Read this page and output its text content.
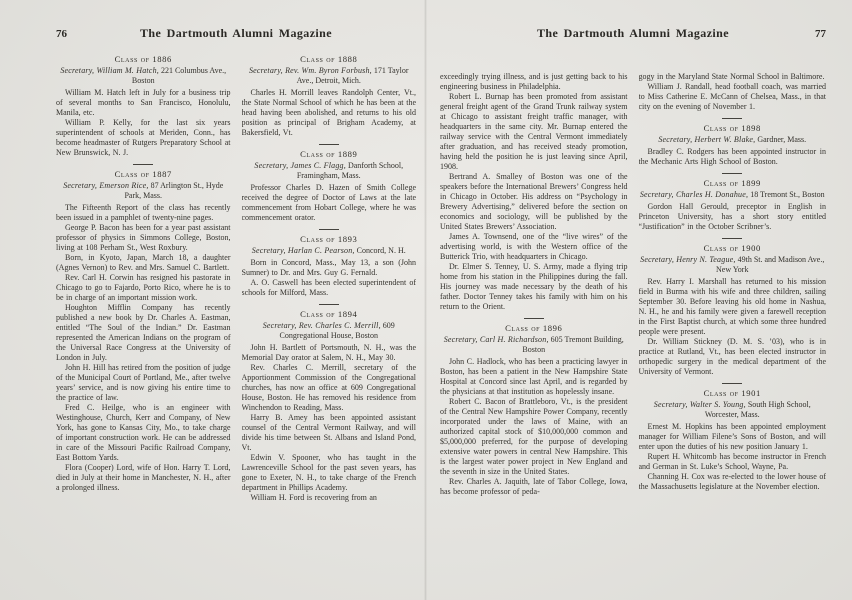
76	The Dartmouth Alumni Magazine
Class of 1886

Secretary, William M. Hatch, 221 Columbus Ave., Boston

William M. Hatch left in July for a business trip of several months to San Francisco, Honolulu, Manila, etc.

William P. Kelly, for the last six years superintendent of schools at Meriden, Conn., has become headmaster of Rutgers Preparatory School at New Brunswick, N. J.

Class of 1887

Secretary, Emerson Rice, 87 Arlington St., Hyde Park, Mass.

The Fifteenth Report of the class has recently been issued in a pamphlet of twenty-nine pages.

George P. Bacon has been for a year past assistant professor of physics in Simmons College, Boston, living at 108 Perham St., West Roxbury.

Born, in Kyoto, Japan, March 18, a daughter (Agnes Vernon) to Rev. and Mrs. Samuel C. Bartlett.

Rev. Carl H. Corwin has resigned his pastorate in Chicago to go to Fajardo, Porto Rico, where he is to be in charge of an important mission work.

Houghton Mifflin Company has recently published a new book by Dr. Charles A. Eastman, entitled “The Soul of the Indian.” Dr. Eastman represented the American Indians on the program of the Universal Race Congress at the University of London in July.

John H. Hill has retired from the position of judge of the Municipal Court of Portland, Me., after twelve years’ service, and is now giving his entire time to the practice of law.

Fred C. Heilge, who is an engineer with Westinghouse, Church, Kerr and Company, of New York, has gone to Kansas City, Mo., to take charge of important construction work. He can be addressed in care of the Missouri Pacific Railroad Company, East Bottom Yards.

Flora (Cooper) Lord, wife of Hon. Harry T. Lord, died in July at their home in Manchester, N. H., after a prolonged illness.

Class of 1888

Secretary, Rev. Wm. Byron Forbush, 171 Taylor Ave., Detroit, Mich.

Charles H. Morrill leaves Randolph Center, Vt., the State Normal School of which he has been at the head having been abolished, and returns to his old position as principal of Brigham Academy, at Bakersfield, Vt.

Class of 1889

Secretary, James C. Flagg, Danforth School, Framingham, Mass.

Professor Charles D. Hazen of Smith College received the degree of Doctor of Laws at the late commencement from Hobart College, where he was commencement orator.

Class of 1893

Secretary, Harlan C. Pearson, Concord, N. H.

Born in Concord, Mass., May 13, a son (John Sumner) to Dr. and Mrs. Guy G. Fernald.

A. O. Caswell has been elected superintendent of schools for Milford, Mass.

Class of 1894

Secretary, Rev. Charles C. Merrill, 609 Congregational House, Boston

John H. Bartlett of Portsmouth, N. H., was the Memorial Day orator at Salem, N. H., May 30.

Rev. Charles C. Merrill, secretary of the Apportionment Commission of the Congregational churches, has now an office at 609 Congregational House, Boston. He has removed his residence from Winchendon to Reading, Mass.

Harry B. Amey has been appointed assistant counsel of the Central Vermont Railway, and will divide his time between St. Albans and Island Pond, Vt.

Edwin V. Spooner, who has taught in the Lawrenceville School for the past seven years, has gone to Exeter, N. H., to take charge of the French department in Phillips Academy.

William H. Ford is recovering from an

The Dartmouth Alumni Magazine	77

exceedingly trying illness, and is just getting back to his engineering business in Philadelphia.

Robert L. Burnap has been promoted from assistant general freight agent of the Grand Trunk railway system at Chicago to assistant freight traffic manager, with headquarters in the same city. Mr. Burnap entered the railway service with the Central Vermont immediately after graduation, and has received steady promotion, having held the position he is just leaving since April, 1908.

Bertrand A. Smalley of Boston was one of the speakers before the International Brewers’ Congress held in Chicago in October. His address on “Psychology in Brewery Advertising,” delivered before the section on economics and sociology, will be published by the United States Brewers’ Association.

James A. Townsend, one of the “live wires” of the advertising world, is with the Western office of the Butterick Trio, with headquarters in Chicago.

Dr. Elmer S. Tenney, U. S. Army, made a flying trip home from his station in the Philippines during the fall. His journey was made necessary by the death of his father. Doctor Tenney takes his family with him on his return to the Orient.

Class of 1896

Secretary, Carl H. Richardson, 605 Tremont Building, Boston

John C. Hadlock, who has been a practicing lawyer in Boston, has been a patient in the New Hampshire State Hospital at Concord since last April, and is regarded by the physicians at that institution as hopelessly insane.

Robert C. Bacon of Brattleboro, Vt., is the president of the Central New Hampshire Power Company, recently incorporated under the laws of Maine, with an authorized capital stock of $10,000,000 common and $5,000,000 preferred, for the purpose of developing extensive water powers in central New Hampshire. This is the largest water power project in New England and the seventh in size in the United States.

Rev. Charles A. Jaquith, late of Tabor College, Iowa, has become professor of peda-

gogy in the Maryland State Normal School in Baltimore.

William J. Randall, head football coach, was married to Miss Catherine E. McCann of Chelsea, Mass., in that city on the evening of November 1.

Class of 1898

Secretary, Herbert W. Blake, Gardner, Mass.

Bradley C. Rodgers has been appointed instructor in the Mechanic Arts High School of Boston.

Class of 1899

Secretary, Charles H. Donahue, 18 Tremont St., Boston

Gordon Hall Gerould, preceptor in English in Princeton University, has a short story entitled “Justification” in the October Scribner’s.

Class of 1900

Secretary, Henry N. Teague, 49th St. and Madison Ave., New York

Rev. Harry I. Marshall has returned to his mission field in Burma with his wife and three children, sailing September 30. Before leaving his old home in Nashua, N. H., he and his family were given a farewell reception in the First Baptist church, at which some three hundred people were present.

Dr. William Stickney (D. M. S. ’03), who is in practice at Rutland, Vt., has been elected instructor in orthopedic surgery in the medical department of the University of Vermont.

Class of 1901

Secretary, Walter S. Young, South High School, Worcester, Mass.

Ernest M. Hopkins has been appointed employment manager for William Filene’s Sons of Boston, and will enter upon the duties of his new position January 1.

Rupert H. Whitcomb has become instructor in French and German in St. Luke’s School, Wayne, Pa.

Channing H. Cox was re-elected to the lower house of the Massachusetts legislature at the November election.
